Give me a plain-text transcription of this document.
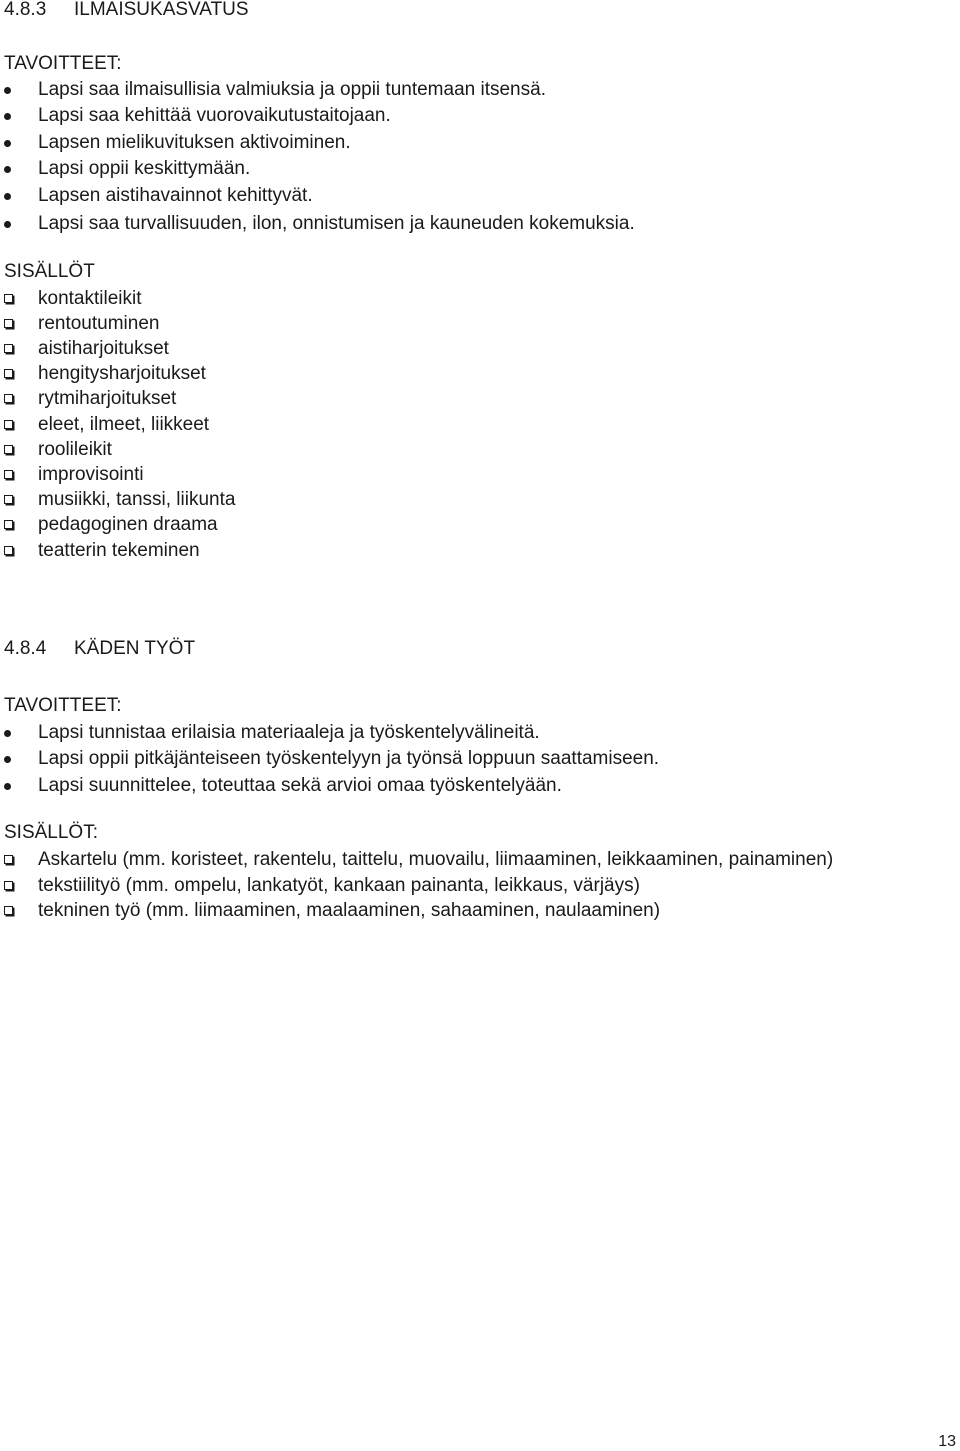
4.8.3 ILMAISUKASVATUS
TAVOITTEET:
Lapsi saa ilmaisullisia valmiuksia ja oppii tuntemaan itsensä.
Lapsi saa kehittää vuorovaikutustaitojaan.
Lapsen mielikuvituksen aktivoiminen.
Lapsi oppii keskittymään.
Lapsen aistihavainnot kehittyvät.
Lapsi saa turvallisuuden, ilon, onnistumisen ja kauneuden kokemuksia.
SISÄLLÖT
kontaktileikit
rentoutuminen
aistiharjoitukset
hengitysharjoitukset
rytmiharjoitukset
eleet, ilmeet, liikkeet
roolileikit
improvisointi
musiikki, tanssi, liikunta
pedagoginen draama
teatterin tekeminen
4.8.4 KÄDEN TYÖT
TAVOITTEET:
Lapsi tunnistaa erilaisia materiaaleja ja työskentelyvälineitä.
Lapsi oppii pitkäjänteiseen työskentelyyn ja työnsä loppuun saattamiseen.
Lapsi suunnittelee, toteuttaa sekä arvioi omaa työskentelyään.
SISÄLLÖT:
Askartelu (mm. koristeet, rakentelu, taittelu, muovailu, liimaaminen, leikkaaminen, painaminen)
tekstiilityö (mm. ompelu, lankatyöt, kankaan painanta, leikkaus, värjäys)
tekninen työ (mm. liimaaminen, maalaaminen, sahaaminen, naulaaminen)
13
